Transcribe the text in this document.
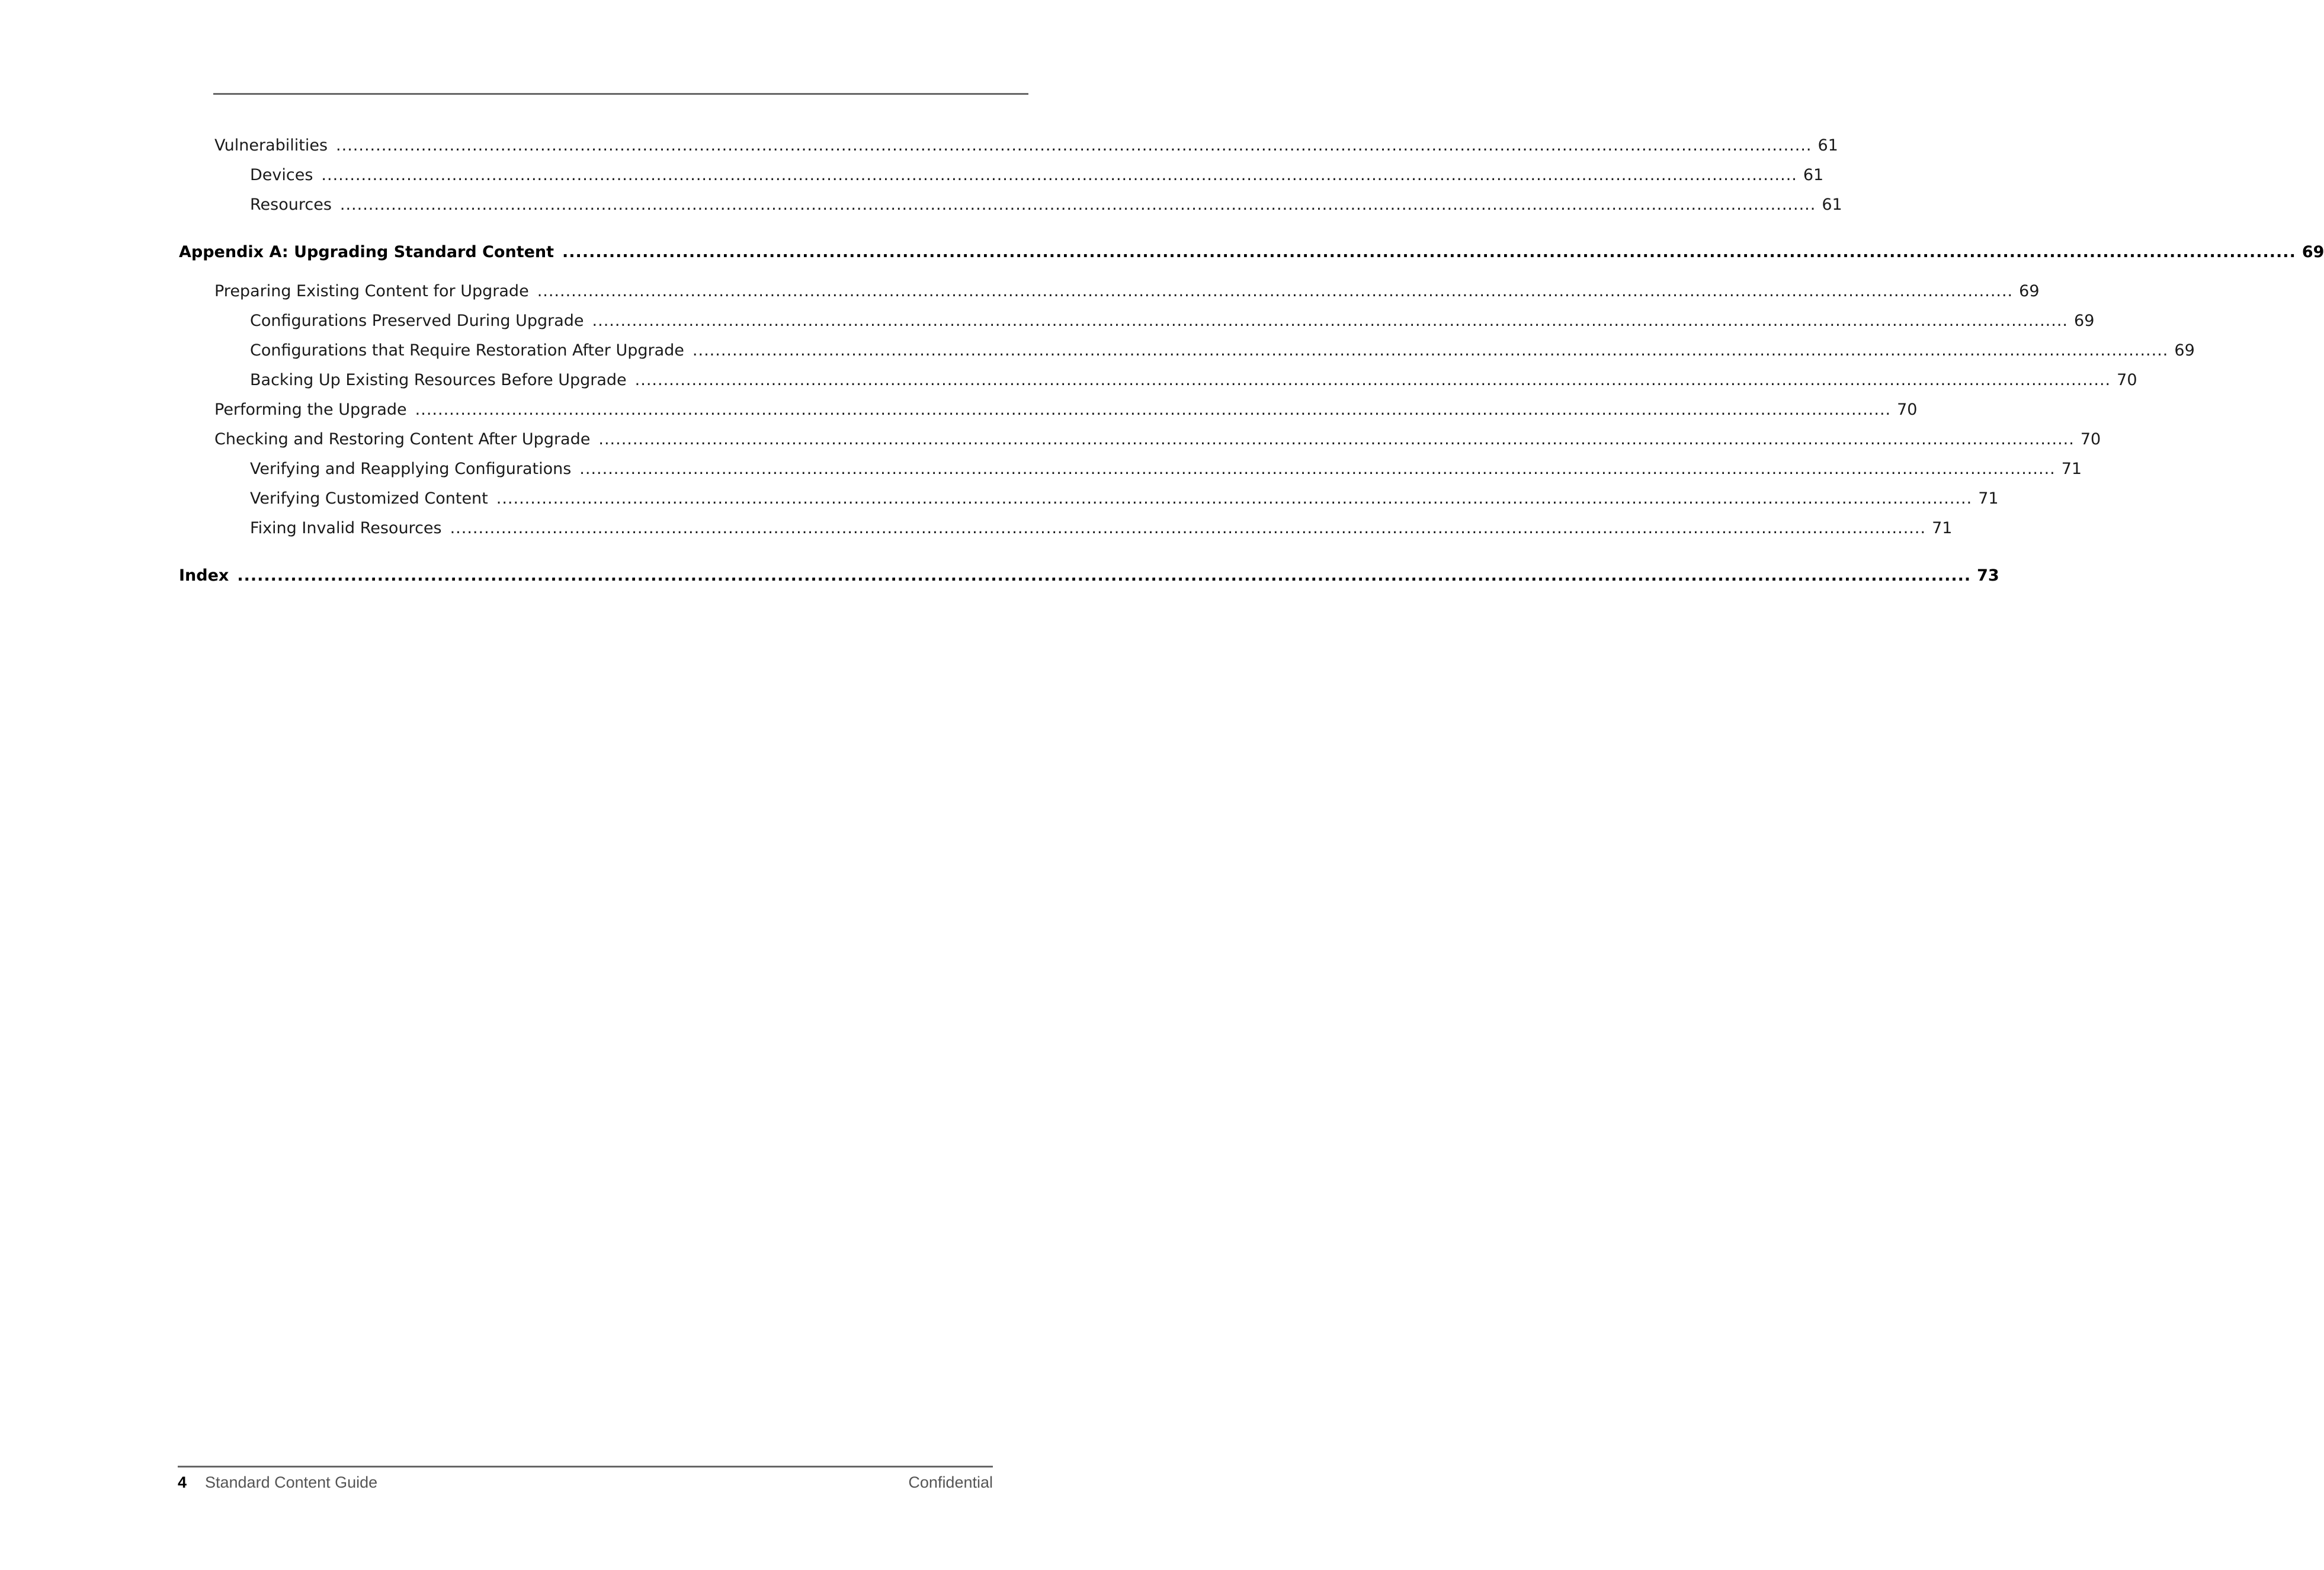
Vulnerabilities .................................................................................................................................................................................................................................................................... 61
Devices .................................................................................................................................................................................................................................................................... 61
Resources .................................................................................................................................................................................................................................................................... 61
Appendix A: Upgrading Standard Content .................................................................................................................................................................................................................................................................... 69
Preparing Existing Content for Upgrade .................................................................................................................................................................................................................................................................... 69
Configurations Preserved During Upgrade .................................................................................................................................................................................................................................................................... 69
Configurations that Require Restoration After Upgrade .................................................................................................................................................................................................................................................................... 69
Backing Up Existing Resources Before Upgrade .................................................................................................................................................................................................................................................................... 70
Performing the Upgrade .................................................................................................................................................................................................................................................................... 70
Checking and Restoring Content After Upgrade .................................................................................................................................................................................................................................................................... 70
Verifying and Reapplying Configurations .................................................................................................................................................................................................................................................................... 71
Verifying Customized Content .................................................................................................................................................................................................................................................................... 71
Fixing Invalid Resources .................................................................................................................................................................................................................................................................... 71
Index .................................................................................................................................................................................................................................................................... 73
4 Standard Content Guide	Confidential
